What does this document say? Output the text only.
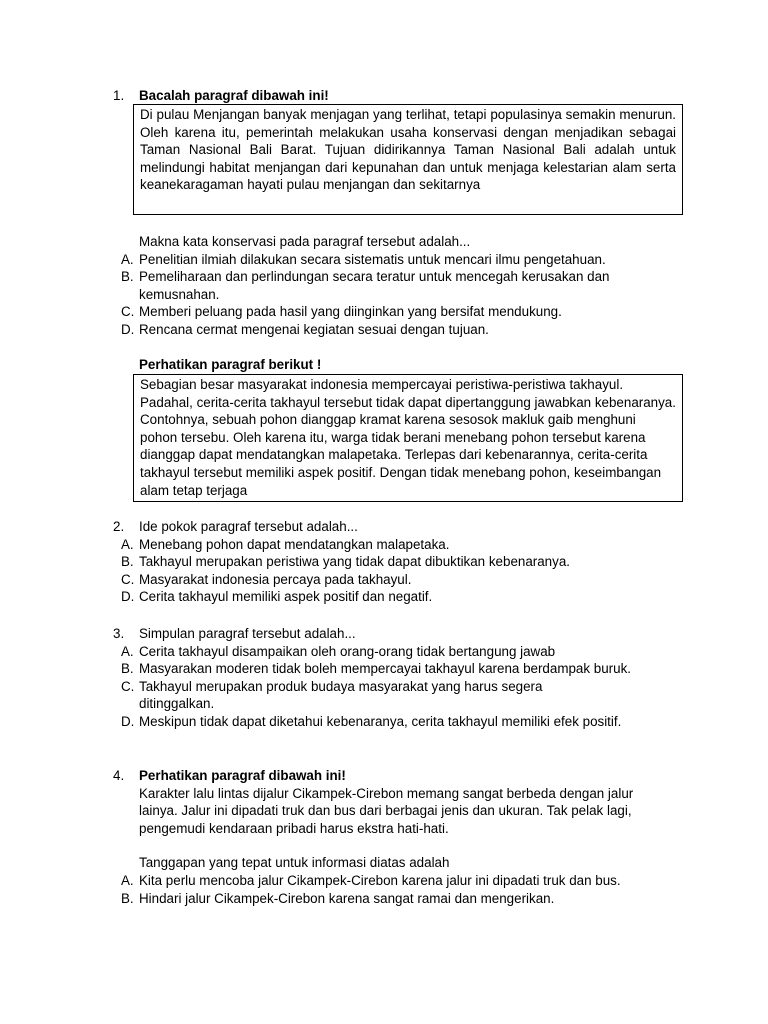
1.	Bacalah paragraf dibawah ini!
Di pulau Menjangan banyak menjagan yang terlihat, tetapi populasinya semakin menurun. Oleh karena itu, pemerintah melakukan usaha konservasi dengan menjadikan sebagai Taman Nasional Bali Barat. Tujuan didirikannya Taman Nasional Bali adalah untuk melindungi habitat menjangan dari kepunahan dan untuk menjaga kelestarian alam serta keanekaragaman hayati pulau menjangan dan sekitarnya

Makna kata konservasi pada paragraf tersebut adalah...

A. Penelitian ilmiah dilakukan secara sistematis untuk mencari ilmu pengetahuan.
B. Pemeliharaan dan perlindungan secara teratur untuk mencegah kerusakan dan kemusnahan.
C. Memberi peluang pada hasil yang diinginkan yang bersifat mendukung.
D. Rencana cermat mengenai kegiatan sesuai dengan tujuan.
Perhatikan paragraf berikut !
Sebagian besar masyarakat indonesia mempercayai peristiwa-peristiwa takhayul. Padahal, cerita-cerita takhayul tersebut tidak dapat dipertanggung jawabkan kebenaranya. Contohnya, sebuah pohon dianggap kramat karena sesosok makluk gaib menghuni pohon tersebu. Oleh karena itu, warga tidak berani menebang pohon tersebut karena dianggap dapat mendatangkan malapetaka. Terlepas dari kebenarannya, cerita-cerita takhayul tersebut memiliki aspek positif. Dengan tidak menebang pohon, keseimbangan alam tetap terjaga
2.	Ide pokok paragraf tersebut adalah...

A. Menebang pohon dapat mendatangkan malapetaka.
B. Takhayul merupakan peristiwa yang tidak dapat dibuktikan kebenaranya.
C. Masyarakat indonesia percaya pada takhayul.
D. Cerita takhayul memiliki aspek positif dan negatif.
3.	Simpulan paragraf tersebut adalah...

A. Cerita takhayul disampaikan oleh orang-orang tidak bertangung jawab
B. Masyarakan moderen tidak boleh mempercayai takhayul karena berdampak buruk.
C. Takhayul merupakan produk budaya masyarakat yang harus segera ditinggalkan.
D. Meskipun tidak dapat diketahui kebenaranya, cerita takhayul memiliki efek positif.
4.	Perhatikan paragraf dibawah ini!

Karakter lalu lintas dijalur Cikampek-Cirebon memang sangat berbeda dengan jalur lainya. Jalur ini dipadati truk dan bus dari berbagai jenis dan ukuran. Tak pelak lagi, pengemudi kendaraan pribadi harus ekstra hati-hati.

Tanggapan yang tepat untuk informasi diatas adalah

A. Kita perlu mencoba jalur Cikampek-Cirebon karena jalur ini dipadati truk dan bus.
B. Hindari jalur Cikampek-Cirebon karena sangat ramai dan mengerikan.
